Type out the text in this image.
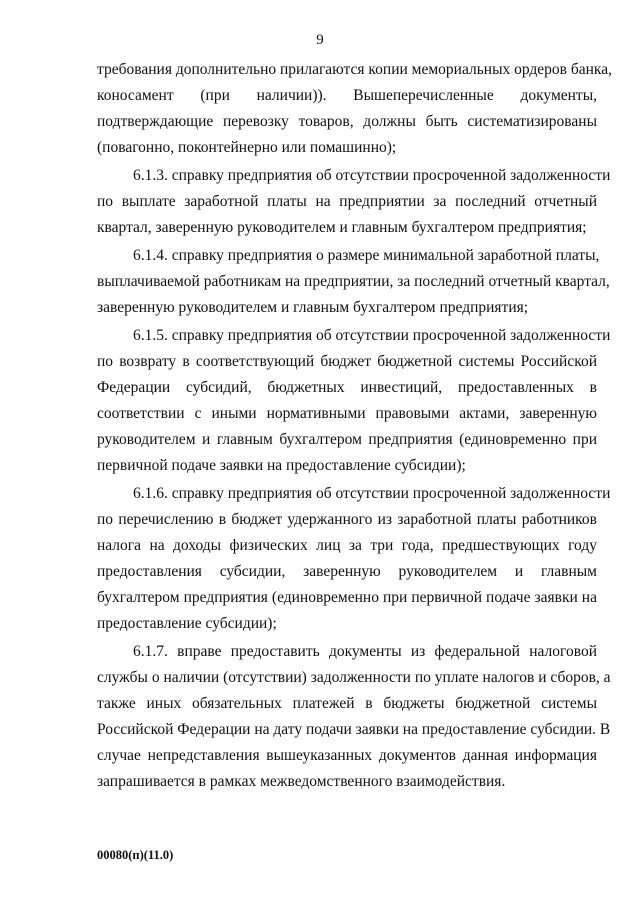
9

требования дополнительно прилагаются копии мемориальных ордеров банка,
коносамент (при наличии)). Вышеперечисленные документы,
подтверждающие перевозку товаров, должны быть систематизированы
(повагонно, поконтейнерно или помашинно);

6.1.3. справку предприятия об отсутствии просроченной задолженности
по выплате заработной платы на предприятии за последний отчетный
квартал, заверенную руководителем и главным бухгалтером предприятия;

6.1.4. справку предприятия о размере минимальной заработной платы,
выплачиваемой работникам на предприятии, за последний отчетный квартал,
заверенную руководителем и главным бухгалтером предприятия;

6.1.5. справку предприятия об отсутствии просроченной задолженности
по возврату в соответствующий бюджет бюджетной системы Российской
Федерации субсидий, бюджетных инвестиций, предоставленных в
соответствии с иными нормативными правовыми актами, заверенную
руководителем и главным бухгалтером предприятия (единовременно при
первичной подаче заявки на предоставление субсидии);

6.1.6. справку предприятия об отсутствии просроченной задолженности
по перечислению в бюджет удержанного из заработной платы работников
налога на доходы физических лиц за три года, предшествующих году
предоставления субсидии, заверенную руководителем и главным
бухгалтером предприятия (единовременно при первичной подаче заявки на
предоставление субсидии);

6.1.7. вправе предоставить документы из федеральной налоговой
службы о наличии (отсутствии) задолженности по уплате налогов и сборов, а
также иных обязательных платежей в бюджеты бюджетной системы
Российской Федерации на дату подачи заявки на предоставление субсидии. В
случае непредставления вышеуказанных документов данная информация
запрашивается в рамках межведомственного взаимодействия.

00080(п)(11.0)
